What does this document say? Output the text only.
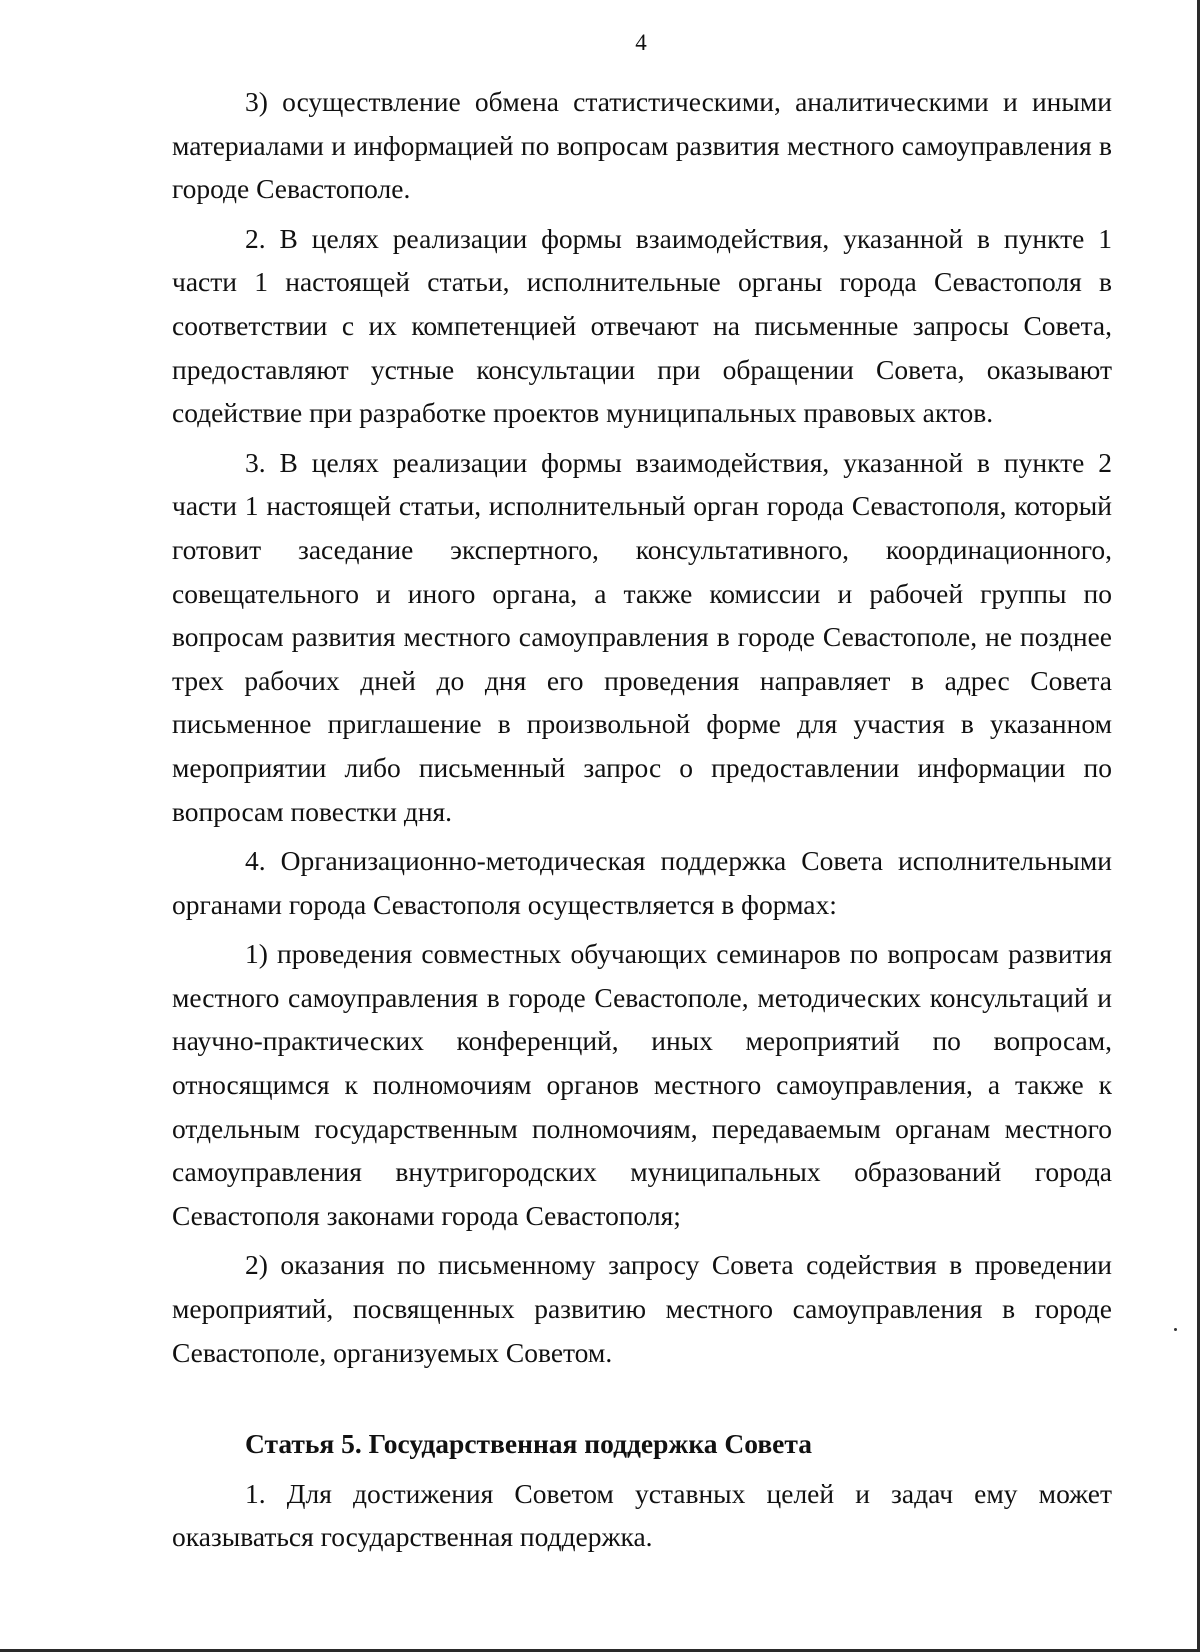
4

3) осуществление обмена статистическими, аналитическими и иными материалами и информацией по вопросам развития местного самоуправления в городе Севастополе.

2. В целях реализации формы взаимодействия, указанной в пункте 1 части 1 настоящей статьи, исполнительные органы города Севастополя в соответствии с их компетенцией отвечают на письменные запросы Совета, предоставляют устные консультации при обращении Совета, оказывают содействие при разработке проектов муниципальных правовых актов.

3. В целях реализации формы взаимодействия, указанной в пункте 2 части 1 настоящей статьи, исполнительный орган города Севастополя, который готовит заседание экспертного, консультативного, координационного, совещательного и иного органа, а также комиссии и рабочей группы по вопросам развития местного самоуправления в городе Севастополе, не позднее трех рабочих дней до дня его проведения направляет в адрес Совета письменное приглашение в произвольной форме для участия в указанном мероприятии либо письменный запрос о предоставлении информации по вопросам повестки дня.

4. Организационно-методическая поддержка Совета исполнительными органами города Севастополя осуществляется в формах:

1) проведения совместных обучающих семинаров по вопросам развития местного самоуправления в городе Севастополе, методических консультаций и научно-практических конференций, иных мероприятий по вопросам, относящимся к полномочиям органов местного самоуправления, а также к отдельным государственным полномочиям, передаваемым органам местного самоуправления внутригородских муниципальных образований города Севастополя законами города Севастополя;

2) оказания по письменному запросу Совета содействия в проведении мероприятий, посвященных развитию местного самоуправления в городе Севастополе, организуемых Советом.

Статья 5. Государственная поддержка Совета

1. Для достижения Советом уставных целей и задач ему может оказываться государственная поддержка.
